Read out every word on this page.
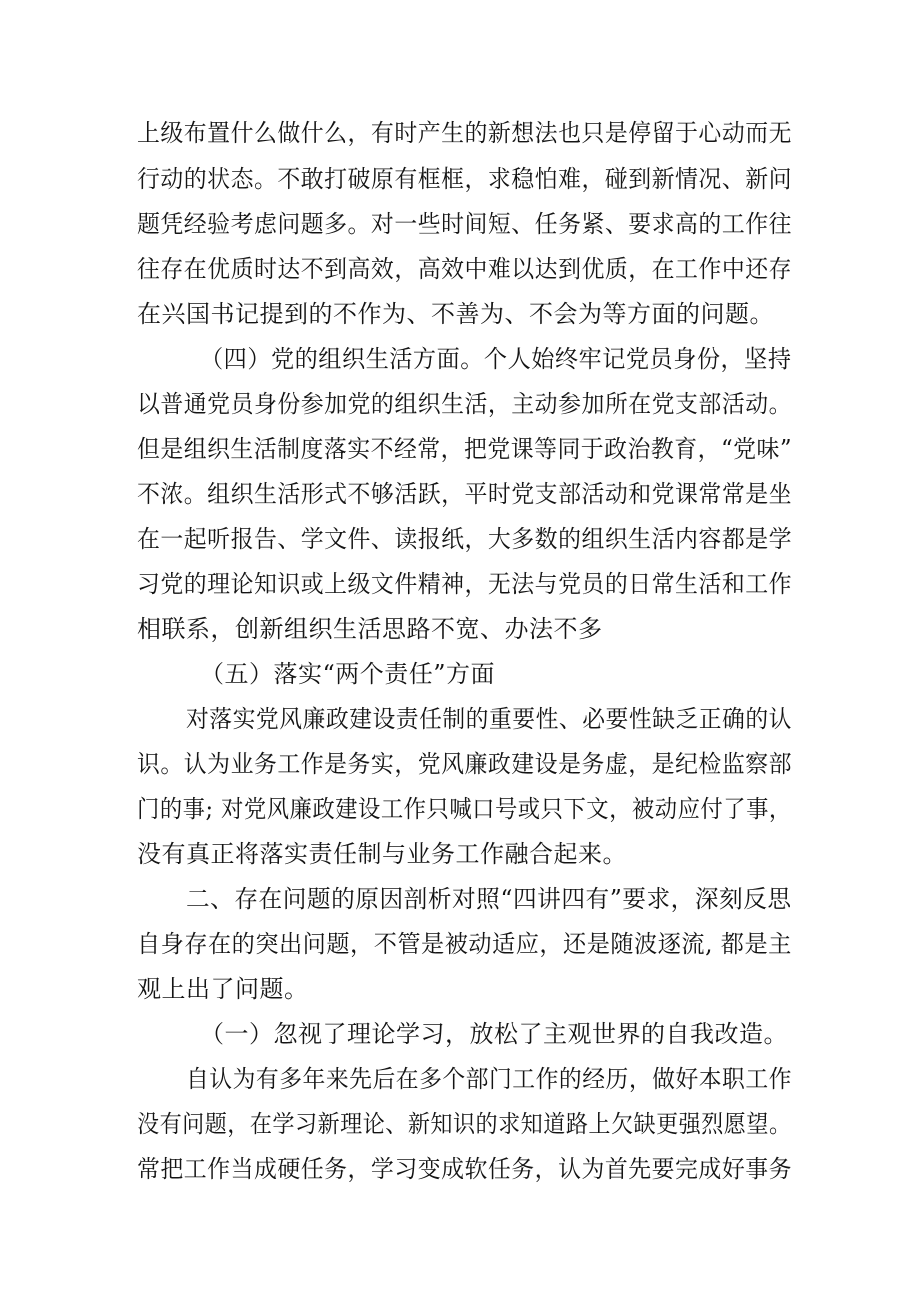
上级布置什么做什么，有时产生的新想法也只是停留于心动而无
行动的状态。不敢打破原有框框，求稳怕难，碰到新情况、新问
题凭经验考虑问题多。对一些时间短、任务紧、要求高的工作往
往存在优质时达不到高效，高效中难以达到优质，在工作中还存
在兴国书记提到的不作为、不善为、不会为等方面的问题。
（四）党的组织生活方面。个人始终牢记党员身份，坚持
以普通党员身份参加党的组织生活，主动参加所在党支部活动。
但是组织生活制度落实不经常，把党课等同于政治教育，“党味”
不浓。组织生活形式不够活跃，平时党支部活动和党课常常是坐
在一起听报告、学文件、读报纸，大多数的组织生活内容都是学
习党的理论知识或上级文件精神，无法与党员的日常生活和工作
相联系，创新组织生活思路不宽、办法不多
（五）落实“两个责任”方面
对落实党风廉政建设责任制的重要性、必要性缺乏正确的认
识。认为业务工作是务实，党风廉政建设是务虚，是纪检监察部
门的事; 对党风廉政建设工作只喊口号或只下文，被动应付了事，
没有真正将落实责任制与业务工作融合起来。
二、存在问题的原因剖析对照“四讲四有”要求，深刻反思
自身存在的突出问题，不管是被动适应，还是随波逐流, 都是主
观上出了问题。
（一）忽视了理论学习，放松了主观世界的自我改造。
自认为有多年来先后在多个部门工作的经历，做好本职工作
没有问题，在学习新理论、新知识的求知道路上欠缺更强烈愿望。
常把工作当成硬任务，学习变成软任务，认为首先要完成好事务
